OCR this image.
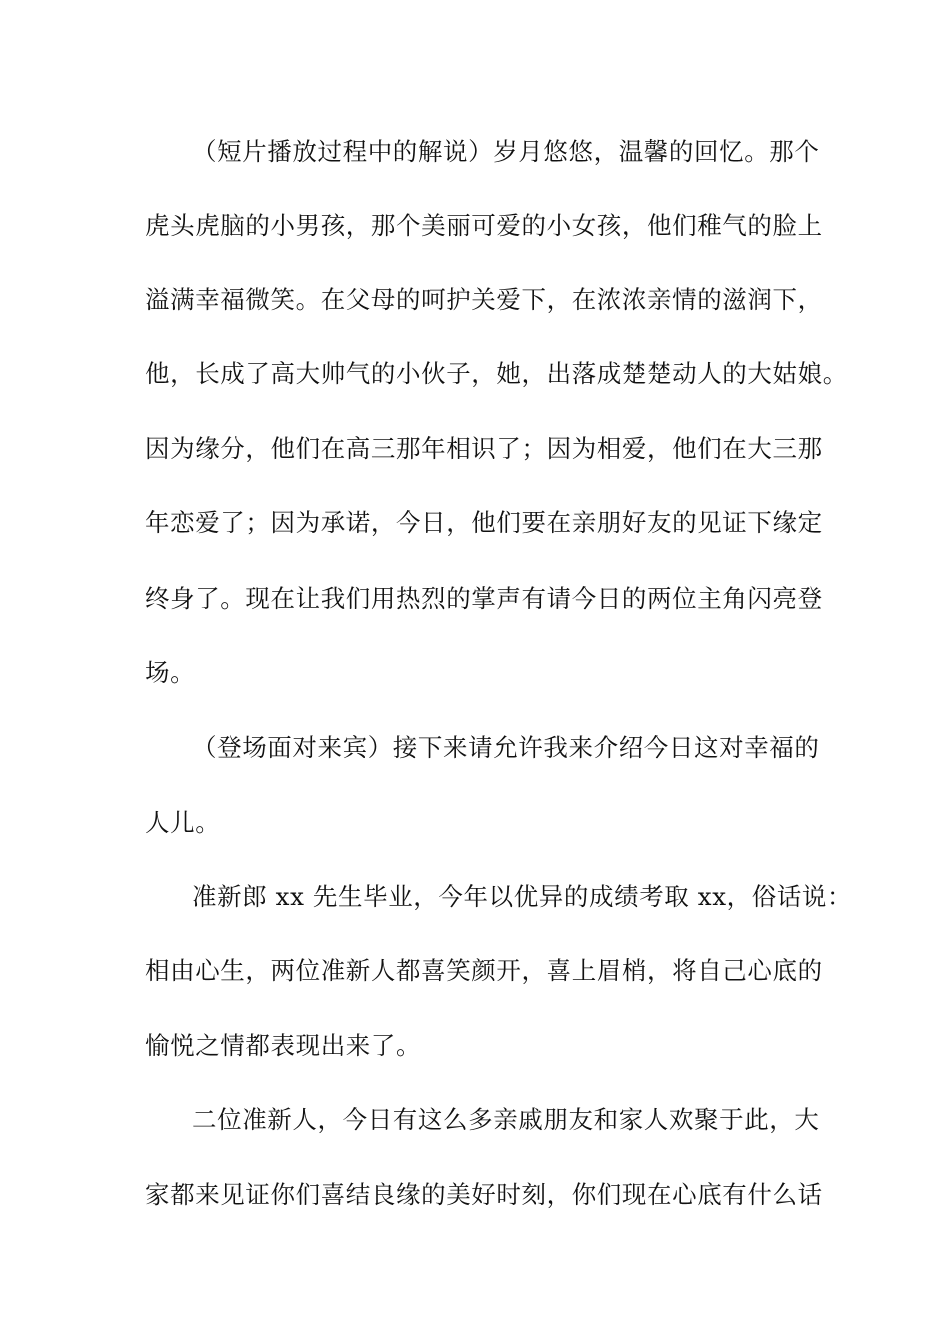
（短片播放过程中的解说）岁月悠悠，温馨的回忆。那个
虎头虎脑的小男孩，那个美丽可爱的小女孩，他们稚气的脸上
溢满幸福微笑。在父母的呵护关爱下，在浓浓亲情的滋润下，
他，长成了高大帅气的小伙子，她，出落成楚楚动人的大姑娘。
因为缘分，他们在高三那年相识了；因为相爱，他们在大三那
年恋爱了；因为承诺，今日，他们要在亲朋好友的见证下缘定
终身了。现在让我们用热烈的掌声有请今日的两位主角闪亮登
场。
（登场面对来宾）接下来请允许我来介绍今日这对幸福的
人儿。
准新郎 xx 先生毕业，今年以优异的成绩考取 xx，俗话说：
相由心生，两位准新人都喜笑颜开，喜上眉梢，将自己心底的
愉悦之情都表现出来了。
二位准新人，今日有这么多亲戚朋友和家人欢聚于此，大
家都来见证你们喜结良缘的美好时刻，你们现在心底有什么话
